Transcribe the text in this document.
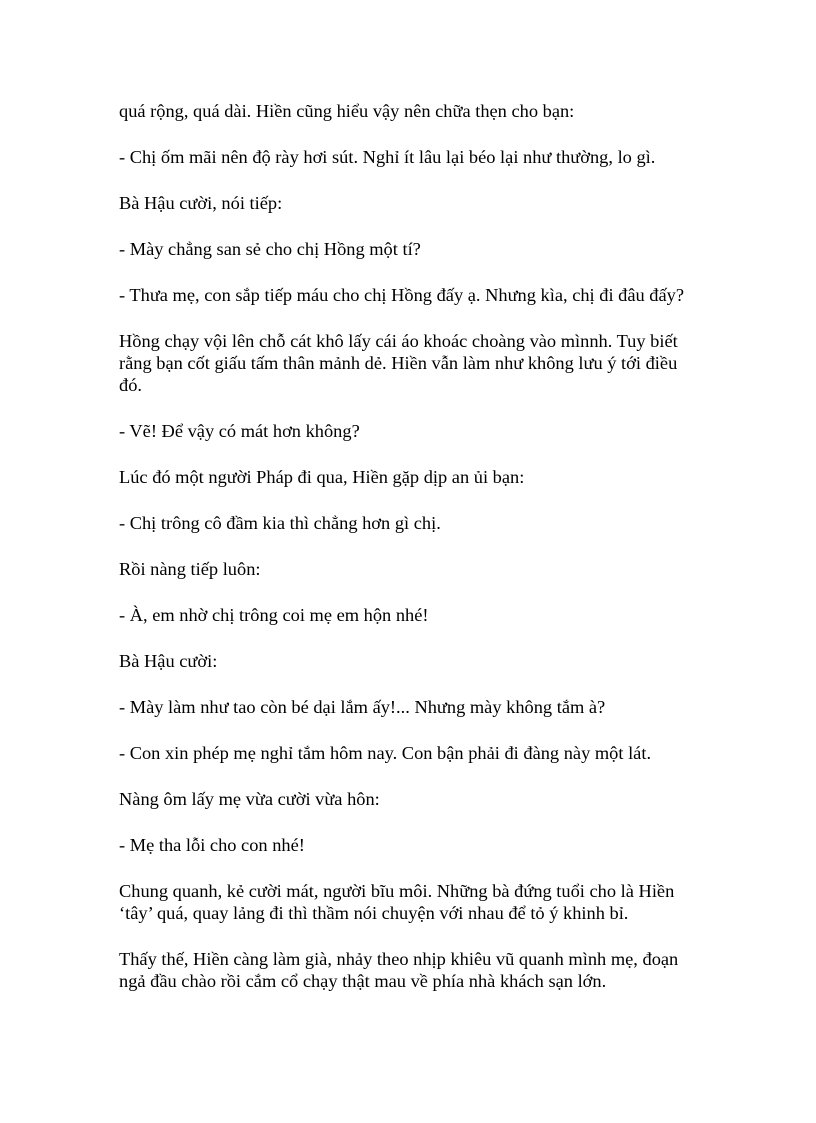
quá rộng, quá dài. Hiền cũng hiểu vậy nên chữa thẹn cho bạn:

- Chị ốm mãi nên độ rày hơi sút. Nghỉ ít lâu lại béo lại như thường, lo gì.

Bà Hậu cười, nói tiếp:

- Mày chẳng san sẻ cho chị Hồng một tí?

- Thưa mẹ, con sắp tiếp máu cho chị Hồng đấy ạ. Nhưng kìa, chị đi đâu đấy?

Hồng chạy vội lên chỗ cát khô lấy cái áo khoác choàng vào mìnnh. Tuy biết rằng bạn cốt giấu tấm thân mảnh dẻ. Hiền vẫn làm như không lưu ý tới điều đó.

- Vẽ! Để vậy có mát hơn không?

Lúc đó một người Pháp đi qua, Hiền gặp dịp an ủi bạn:

- Chị trông cô đầm kia thì chẳng hơn gì chị.

Rồi nàng tiếp luôn:

- À, em nhờ chị trông coi mẹ em hộn nhé!

Bà Hậu cười:

- Mày làm như tao còn bé dại lắm ấy!... Nhưng mày không tắm à?

- Con xin phép mẹ nghỉ tắm hôm nay. Con bận phải đi đàng này một lát.

Nàng ôm lấy mẹ vừa cười vừa hôn:

- Mẹ tha lỗi cho con nhé!

Chung quanh, kẻ cười mát, người bĩu môi. Những bà đứng tuổi cho là Hiền ‘tây’ quá, quay lảng đi thì thầm nói chuyện với nhau để tỏ ý khinh bỉ.

Thấy thế, Hiền càng làm già, nhảy theo nhịp khiêu vũ quanh mình mẹ, đoạn ngả đầu chào rồi cắm cổ chạy thật mau về phía nhà khách sạn lớn.
